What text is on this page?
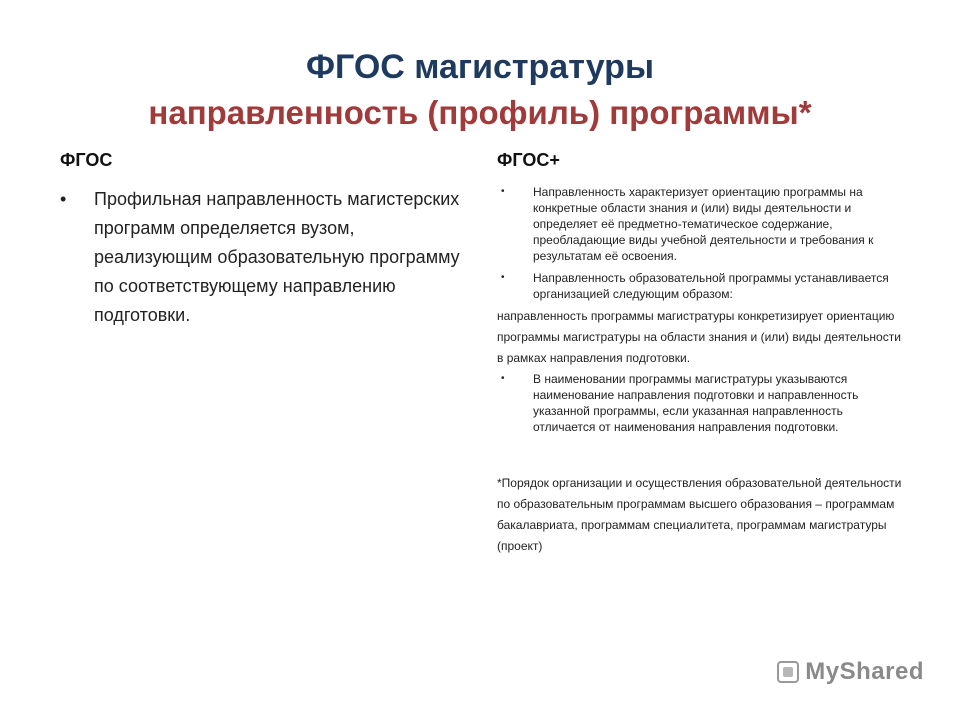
ФГОС магистратуры
направленность (профиль) программы*
ФГОС
• Профильная направленность магистерских программ определяется вузом, реализующим образовательную программу по соответствующему направлению подготовки.
ФГОС+
• Направленность характеризует ориентацию программы на конкретные области знания и (или) виды деятельности и определяет её предметно-тематическое содержание, преобладающие виды учебной деятельности и требования к результатам её освоения.
• Направленность образовательной программы устанавливается организацией следующим образом:
направленность программы магистратуры конкретизирует ориентацию программы магистратуры на области знания и (или) виды деятельности в рамках направления подготовки.
• В наименовании программы магистратуры указываются наименование направления подготовки и направленность указанной программы, если указанная направленность отличается от наименования направления подготовки.
*Порядок организации и осуществления образовательной деятельности по образовательным программам высшего образования – программам бакалавриата, программам специалитета, программам магистратуры (проект)
MyShared
